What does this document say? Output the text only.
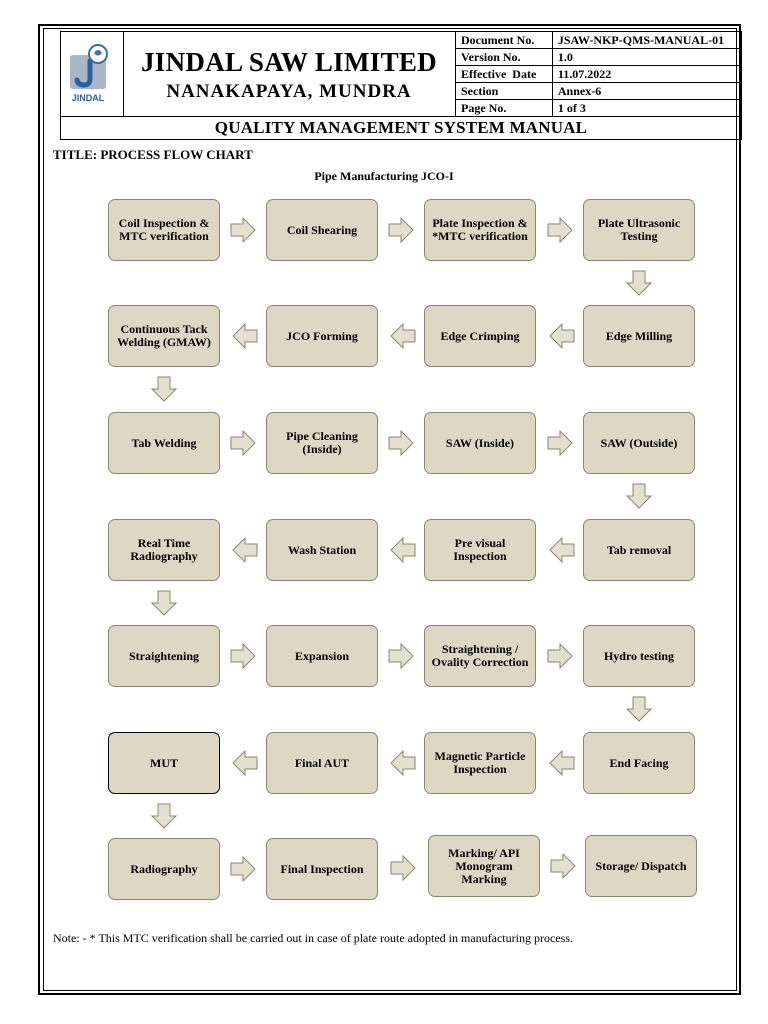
JINDAL
JINDAL SAW LIMITED
NANAKAPAYA, MUNDRA
Document No.	JSAW-NKP-QMS-MANUAL-01
Version No.	1.0
Effective  Date	11.07.2022
Section	Annex-6
Page No.	1 of 3
QUALITY MANAGEMENT SYSTEM MANUAL
TITLE: PROCESS FLOW CHART
Pipe Manufacturing JCO-I
Coil Inspection & MTC verification	Coil Shearing	Plate Inspection & *MTC verification
Plate Ultrasonic Testing
Edge Milling
Edge Crimping
JCO Forming
Continuous Tack Welding (GMAW)
Tab Welding	Pipe Cleaning (Inside)	SAW (Inside)	SAW (Outside)
Tab removal
Pre visual Inspection
Wash Station
Real Time Radiography
Straightening	Expansion	Straightening / Ovality Correction	Hydro testing
End Facing
Magnetic Particle Inspection
Final AUT
MUT
Radiography	Final Inspection
Marking/ API Monogram Marking
Storage/ Dispatch
Note: - * This MTC verification shall be carried out in case of plate route adopted in manufacturing process.
